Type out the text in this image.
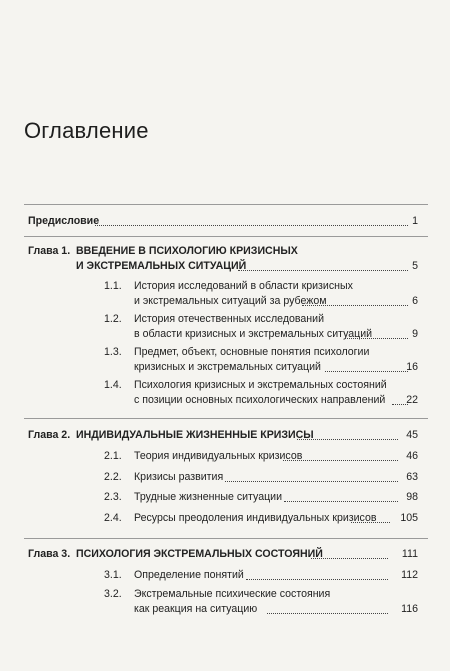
Оглавление
Предисловие	1
Глава 1. ВВЕДЕНИЕ В ПСИХОЛОГИЮ КРИЗИСНЫХ
И ЭКСТРЕМАЛЬНЫХ СИТУАЦИЙ	5
1.1. История исследований в области кризисных
и экстремальных ситуаций за рубежом	6
1.2. История отечественных исследований
в области кризисных и экстремальных ситуаций	9
1.3. Предмет, объект, основные понятия психологии
кризисных и экстремальных ситуаций	16
1.4. Психология кризисных и экстремальных состояний
с позиции основных психологических направлений 22
Глава 2. ИНДИВИДУАЛЬНЫЕ ЖИЗНЕННЫЕ КРИЗИСЫ	45
2.1. Теория индивидуальных кризисов	46
2.2. Кризисы развития	63
2.3. Трудные жизненные ситуации	98
2.4. Ресурсы преодоления индивидуальных кризисов 105
Глава 3. ПСИХОЛОГИЯ ЭКСТРЕМАЛЬНЫХ СОСТОЯНИЙ	111
3.1. Определение понятий	112
3.2. Экстремальные психические состояния
как реакция на ситуацию	116
